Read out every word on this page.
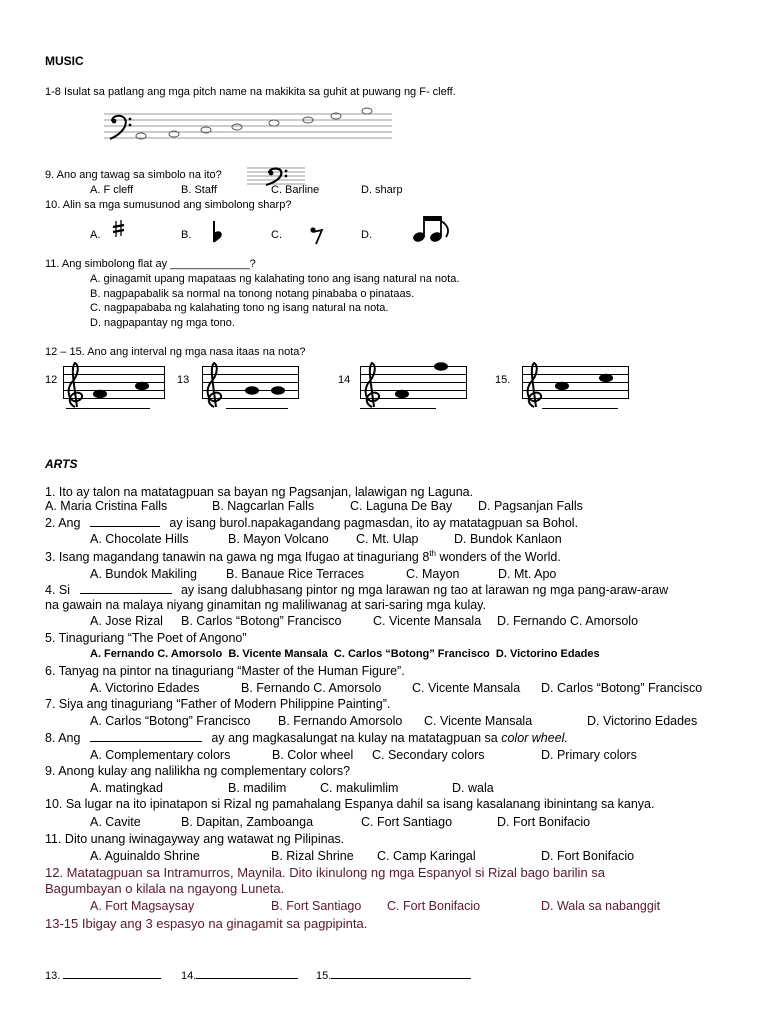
MUSIC
1-8 Isulat sa patlang ang mga pitch name na makikita sa guhit at puwang ng F- cleff.
9. Ano ang tawag sa simbolo na ito?
A. F cleff	B. Staff	C. Barline	D. sharp
10. Alin sa mga sumusunod ang simbolong sharp?
A.	B.	C.	D.
11. Ang simbolong flat ay _____________?
A. ginagamit upang mapataas ng kalahating tono ang isang natural na nota.
B. nagpapabalik sa normal na tonong notang pinababa o pinataas.
C. nagpapababa ng kalahating tono ng isang natural na nota.
D. nagpapantay ng mga tono.
12 – 15. Ano ang interval ng mga nasa itaas na nota?
12	13	14	15.
ARTS
1. Ito ay talon na matatagpuan sa bayan ng Pagsanjan, lalawigan ng Laguna.
A. Maria Cristina Falls	B. Nagcarlan Falls	C. Laguna De Bay D. Pagsanjan Falls
2. Ang	ay isang burol.napakagandang pagmasdan, ito ay matatagpuan sa Bohol.
A. Chocolate Hills	B. Mayon Volcano C. Mt. Ulap	D. Bundok Kanlaon
3. Isang magandang tanawin na gawa ng mga Ifugao at tinaguriang 8th wonders of the World.
A. Bundok Makiling B. Banaue Rice Terraces	C. Mayon	D. Mt. Apo
4. Si	ay isang dalubhasang pintor ng mga larawan ng tao at larawan ng mga pang-araw-araw
na gawain na malaya niyang ginamitan ng maliliwanag at sari-saring mga kulay.
A. Jose Rizal B. Carlos “Botong” Francisco	C. Vicente Mansala D. Fernando C. Amorsolo
5. Tinaguriang “The Poet of Angono”
A. Fernando C. Amorsolo B. Vicente Mansala C. Carlos “Botong” Francisco D. Victorino Edades
6. Tanyag na pintor na tinaguriang “Master of the Human Figure”.
A. Victorino Edades	B. Fernando C. Amorsolo C. Vicente Mansala D. Carlos “Botong” Francisco
7. Siya ang tinaguriang “Father of Modern Philippine Painting”.
A. Carlos “Botong” Francisco B. Fernando Amorsolo C. Vicente Mansala	D. Victorino Edades
8. Ang	ay ang magkasalungat na kulay na matatagpuan sa color wheel.
A. Complementary colors	B. Color wheel C. Secondary colors	D. Primary colors
9. Anong kulay ang nalilikha ng complementary colors?
A. matingkad	B. madilim	C. makulimlim	D. wala
10. Sa lugar na ito ipinatapon si Rizal ng pamahalang Espanya dahil sa isang kasalanang ibinintang sa kanya.
A. Cavite	B. Dapitan, Zamboanga	C. Fort Santiago	D. Fort Bonifacio
11. Dito unang iwinagayway ang watawat ng Pilipinas.
A. Aguinaldo Shrine	B. Rizal Shrine C. Camp Karingal	D. Fort Bonifacio
12. Matatagpuan sa Intramurros, Maynila. Dito ikinulong ng mga Espanyol si Rizal bago barilin sa
Bagumbayan o kilala na ngayong Luneta.
A. Fort Magsaysay	B. Fort Santiago C. Fort Bonifacio	D. Wala sa nabanggit
13-15 Ibigay ang 3 espasyo na ginagamit sa pagpipinta.
13.	14.	15.
